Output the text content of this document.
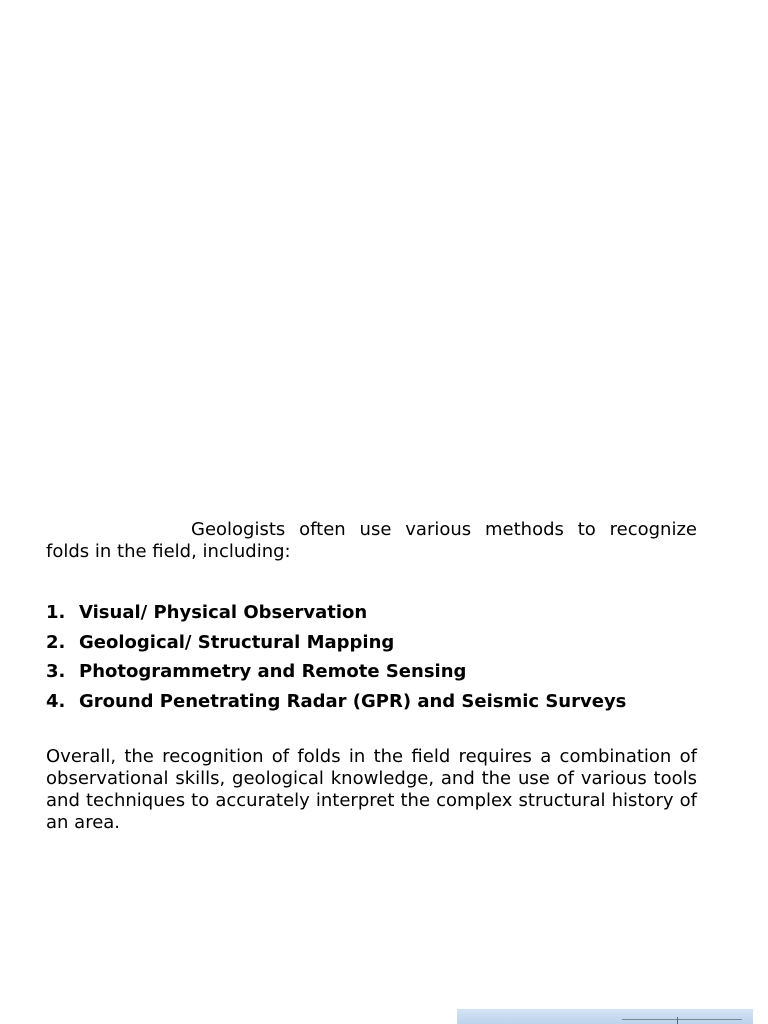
Geologists often use various methods to recognize folds in the field, including:

1. Visual/ Physical Observation
2. Geological/ Structural Mapping
3. Photogrammetry and Remote Sensing
4. Ground Penetrating Radar (GPR) and Seismic Surveys

Overall, the recognition of folds in the field requires a combination of observational skills, geological knowledge, and the use of various tools and techniques to accurately interpret the complex structural history of an area.
